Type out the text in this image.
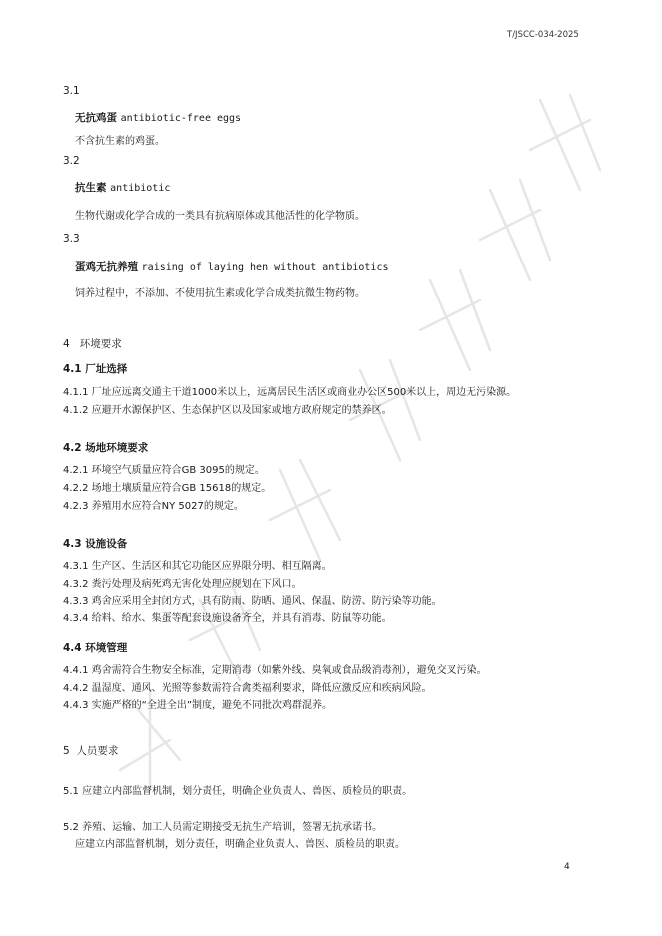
T/JSCC-034-2025
3.1
无抗鸡蛋 antibiotic-free eggs
不含抗生素的鸡蛋。
3.2
抗生素 antibiotic
生物代谢或化学合成的一类具有抗病原体或其他活性的化学物质。
3.3
蛋鸡无抗养殖 raising of laying hen without antibiotics
饲养过程中，不添加、不使用抗生素或化学合成类抗微生物药物。
4 环境要求
4.1 厂址选择
4.1.1 厂址应远离交通主干道1000米以上，远离居民生活区或商业办公区500米以上，周边无污染源。
4.1.2 应避开水源保护区、生态保护区以及国家或地方政府规定的禁养区。
4.2 场地环境要求
4.2.1 环境空气质量应符合GB 3095的规定。
4.2.2 场地土壤质量应符合GB 15618的规定。
4.2.3 养殖用水应符合NY 5027的规定。
4.3 设施设备
4.3.1 生产区、生活区和其它功能区应界限分明、相互隔离。
4.3.2 粪污处理及病死鸡无害化处理应规划在下风口。
4.3.3 鸡舍应采用全封闭方式，具有防雨、防晒、通风、保温、防涝、防污染等功能。
4.3.4 给料、给水、集蛋等配套设施设备齐全，并具有消毒、防鼠等功能。
4.4 环境管理
4.4.1 鸡舍需符合生物安全标准，定期消毒（如紫外线、臭氧或食品级消毒剂），避免交叉污染。
4.4.2 温湿度、通风、光照等参数需符合禽类福利要求，降低应激反应和疾病风险。
4.4.3 实施严格的“全进全出”制度，避免不同批次鸡群混养。
5 人员要求
5.1 应建立内部监督机制，划分责任，明确企业负责人、兽医、质检员的职责。
5.2 养殖、运输、加工人员需定期接受无抗生产培训，签署无抗承诺书。
应建立内部监督机制，划分责任，明确企业负责人、兽医、质检员的职责。
4
